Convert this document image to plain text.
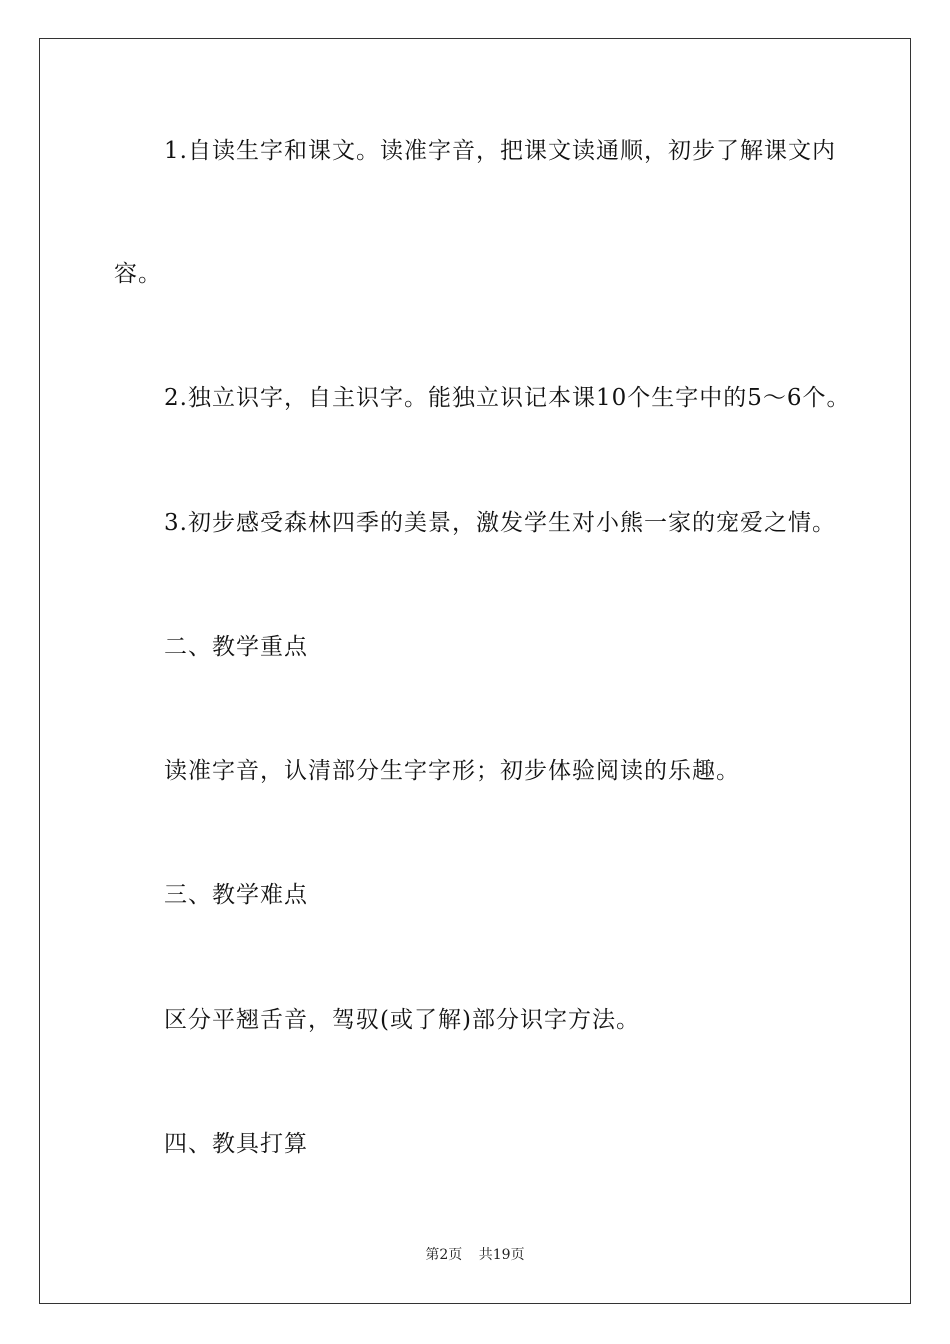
1.自读生字和课文。读准字音，把课文读通顺，初步了解课文内
容。
2.独立识字，自主识字。能独立识记本课10个生字中的5～6个。
3.初步感受森林四季的美景，激发学生对小熊一家的宠爱之情。
二、教学重点
读准字音，认清部分生字字形；初步体验阅读的乐趣。
三、教学难点
区分平翘舌音，驾驭(或了解)部分识字方法。
四、教具打算
第2页 共19页
